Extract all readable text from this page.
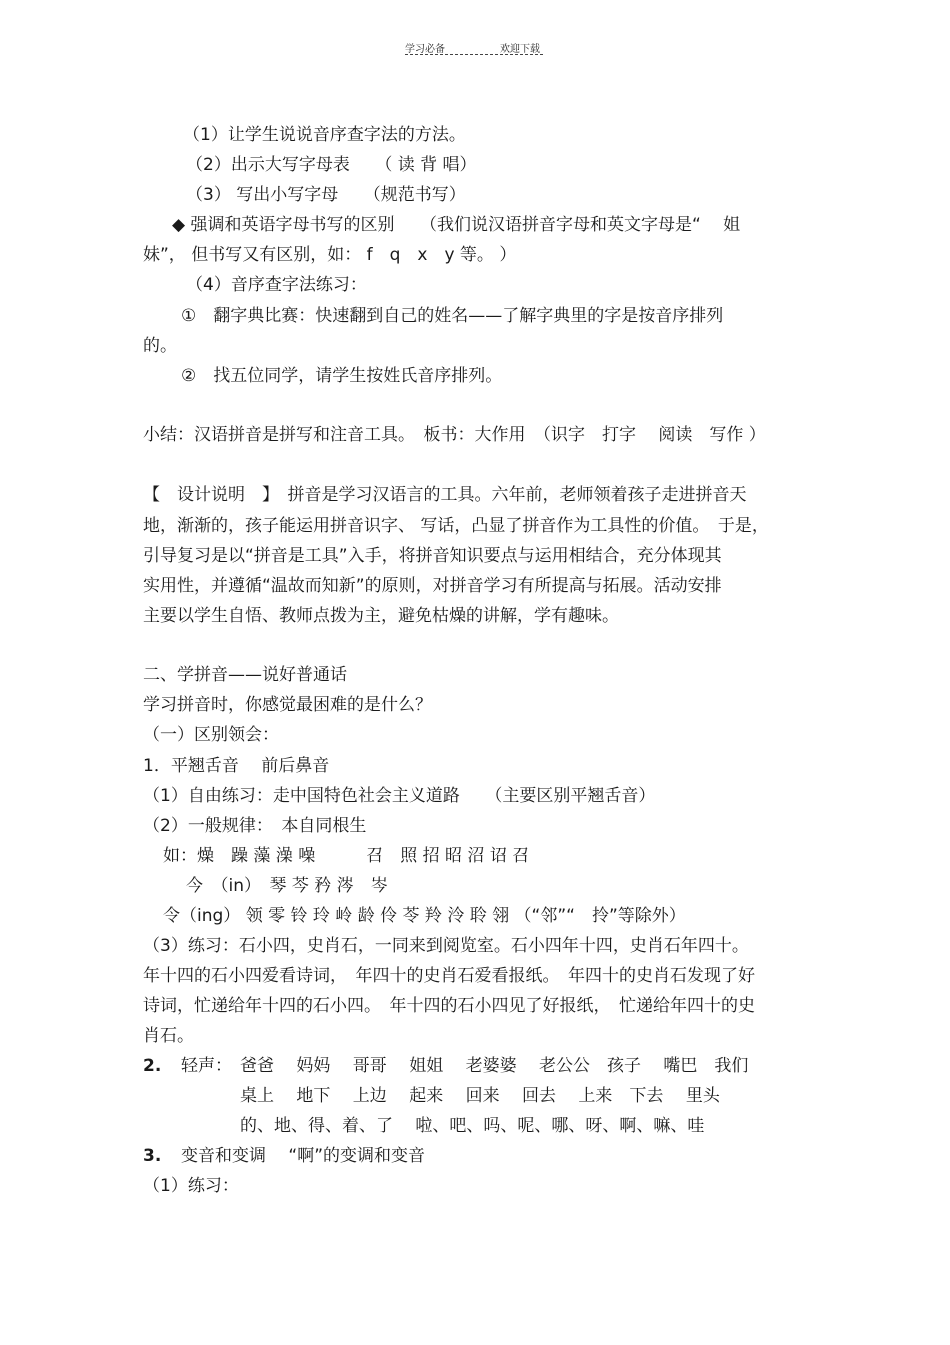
学习必备	欢迎下载
（1）让学生说说音序查字法的方法。
（2）出示大写字母表　　（ 读 背 唱）
（3） 写出小写字母　　（规范书写）
◆ 强调和英语字母书写的区别　　（我们说汉语拼音字母和英文字母是“　 姐
妹”， 但书写又有区别，如： f　q　x　y 等。 ）
（4）音序查字法练习：
①　翻字典比赛：快速翻到自己的姓名——了解字典里的字是按音序排列
的。
②　找五位同学，请学生按姓氏音序排列。
小结：汉语拼音是拼写和注音工具。　板书：大作用　（识字　打字　 阅读　写作 ）
【　设计说明　】　拼音是学习汉语言的工具。六年前，老师领着孩子走进拼音天
地，渐渐的，孩子能运用拼音识字、 写话，凸显了拼音作为工具性的价值。　于是，
引导复习是以“拼音是工具”入手，将拼音知识要点与运用相结合，充分体现其
实用性，并遵循“温故而知新”的原则，对拼音学习有所提高与拓展。活动安排
主要以学生自悟、教师点拨为主，避免枯燥的讲解，学有趣味。
二、学拼音——说好普通话
学习拼音时，你感觉最困难的是什么？
（一）区别领会：
1．平翘舌音　 前后鼻音
（1）自由练习：走中国特色社会主义道路　　（主要区别平翘舌音）
（2）一般规律：　本自同根生
如：燥　躁 藻 澡 噪　　　召　照 招 昭 沼 诏 召
今　（in）　琴 芩 矜 涔　岑
令（ing） 领 零 铃 玲 岭 龄 伶 苓 羚 泠 聆 翎 （“邻”“　拎”等除外）
（3）练习：石小四，史肖石，一同来到阅览室。石小四年十四，史肖石年四十。
年十四的石小四爱看诗词，　年四十的史肖石爱看报纸。　年四十的史肖石发现了好
诗词，忙递给年十四的石小四。　年十四的石小四见了好报纸，　忙递给年四十的史
肖石。
2. 轻声： 爸爸　 妈妈　 哥哥　 姐姐　 老婆婆　 老公公　孩子　 嘴巴　我们
桌上　 地下　 上边　 起来　 回来　 回去　 上来　下去　 里头
的、地、得、着、了　 啦、吧、吗、呢、哪、呀、啊、嘛、哇
3. 变音和变调　 “啊”的变调和变音
（1）练习：
